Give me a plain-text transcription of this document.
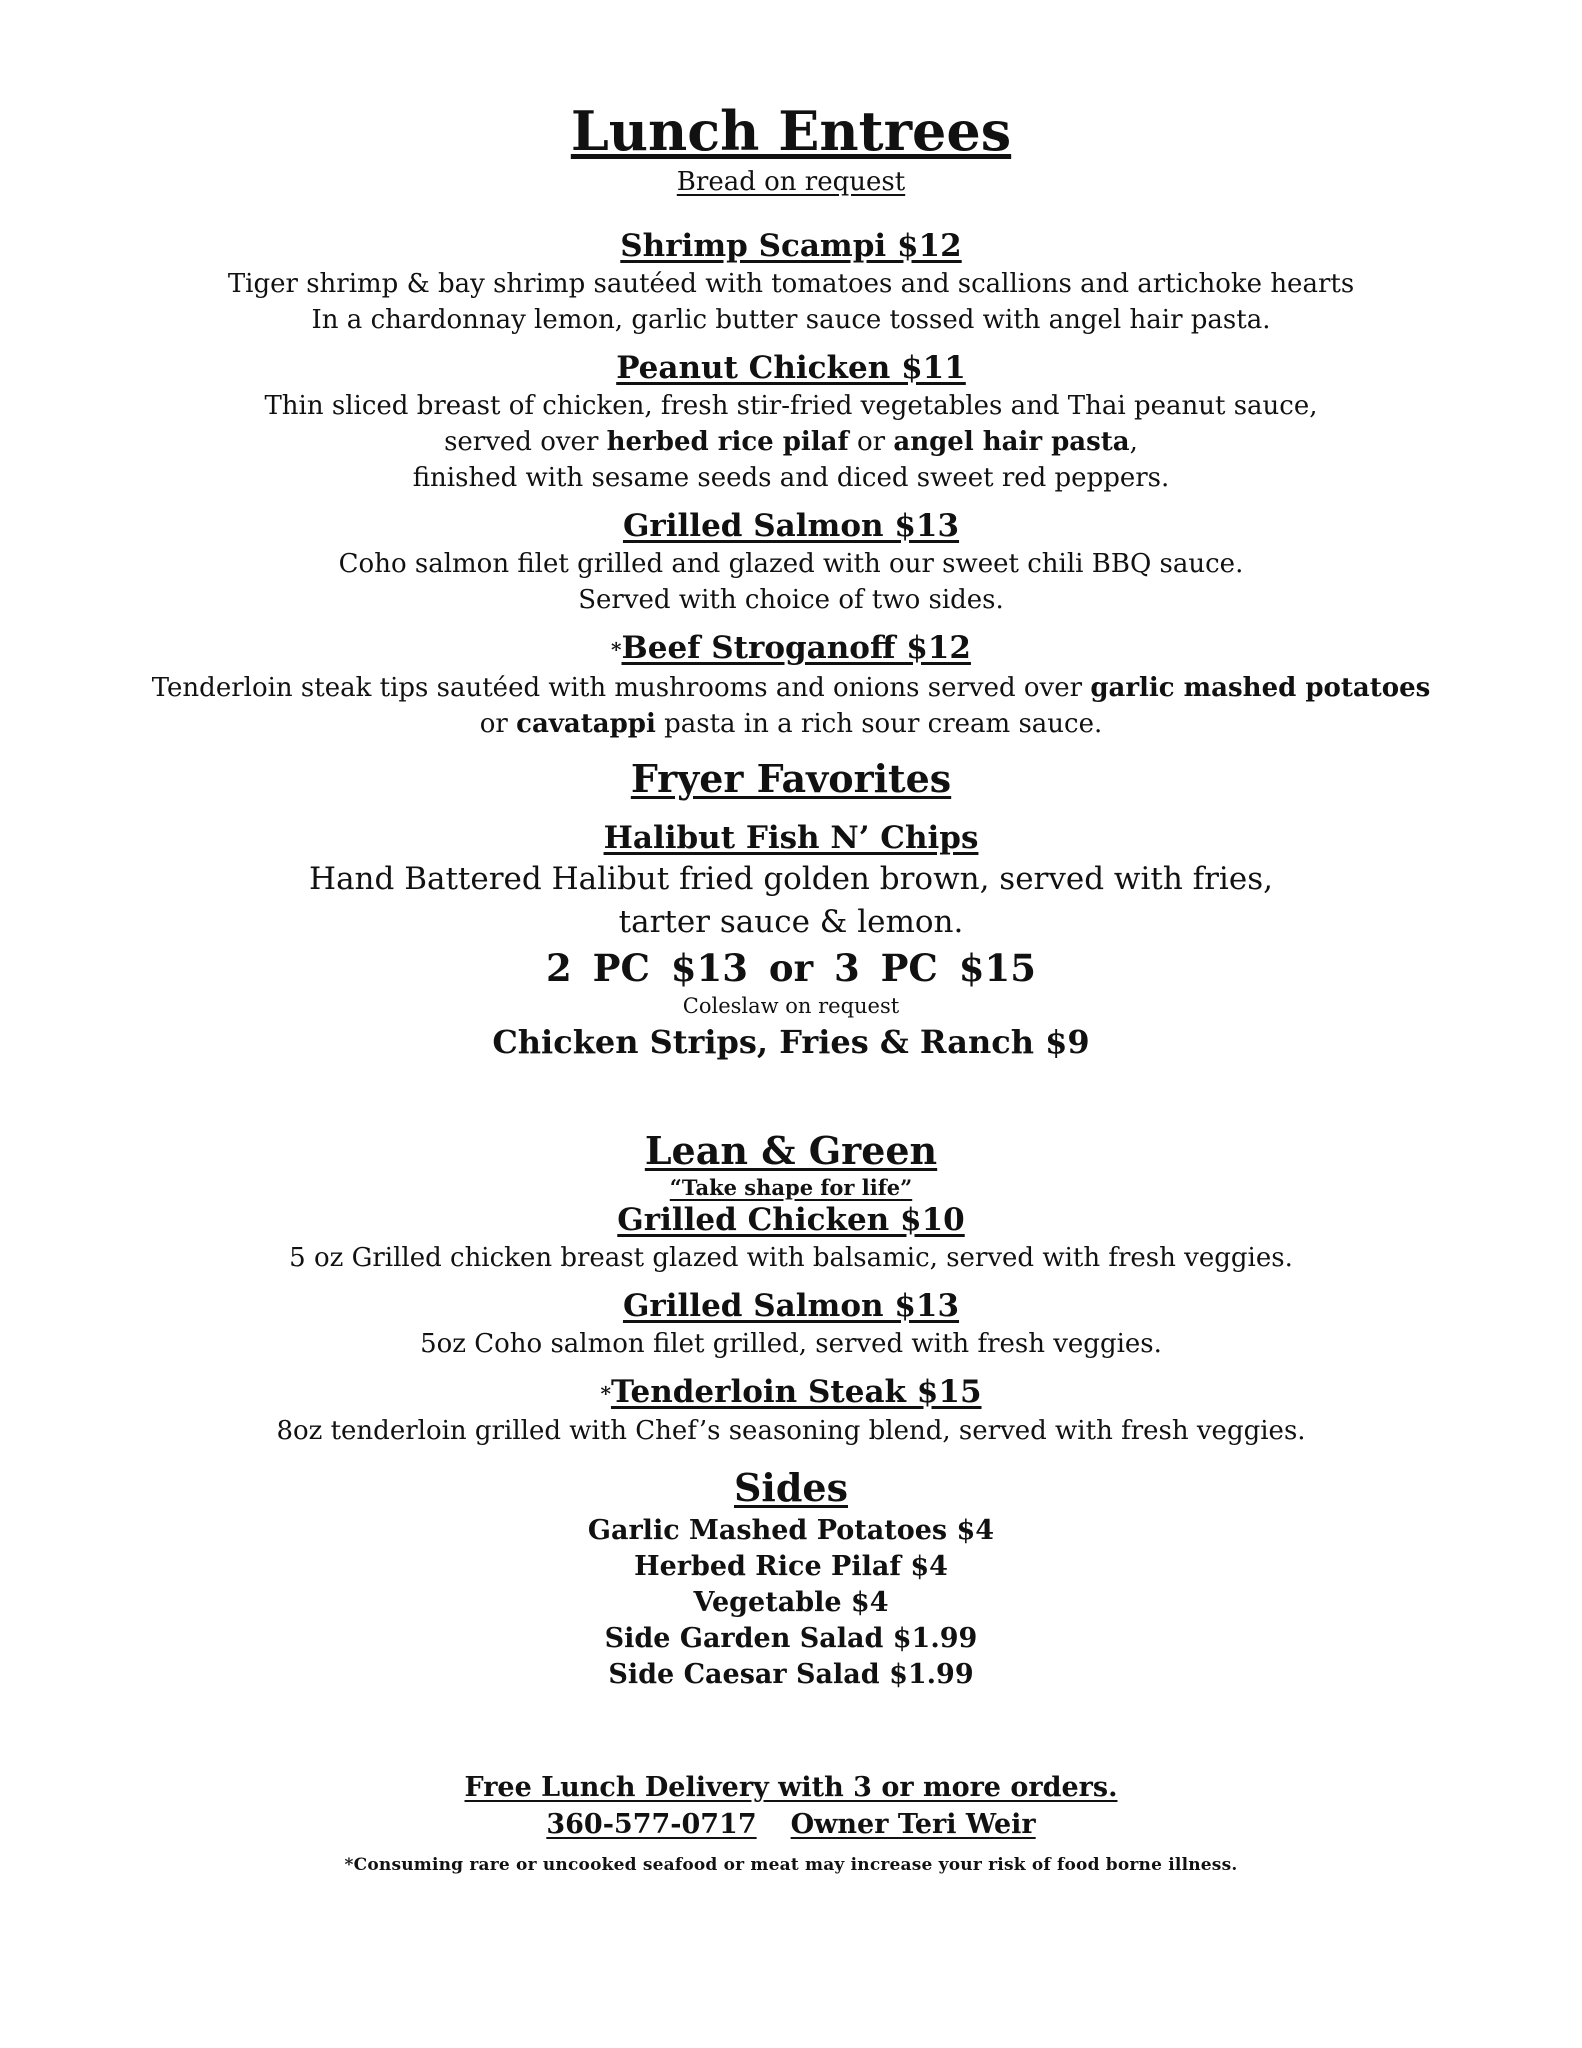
Lunch Entrees

Bread on request

Shrimp Scampi $12

Tiger shrimp & bay shrimp sautéed with tomatoes and scallions and artichoke hearts

In a chardonnay lemon, garlic butter sauce tossed with angel hair pasta.

Peanut Chicken $11

Thin sliced breast of chicken, fresh stir-fried vegetables and Thai peanut sauce,

served over herbed rice pilaf or angel hair pasta,

finished with sesame seeds and diced sweet red peppers.

Grilled Salmon $13

Coho salmon filet grilled and glazed with our sweet chili BBQ sauce.

Served with choice of two sides.

*Beef Stroganoff $12

Tenderloin steak tips sautéed with mushrooms and onions served over garlic mashed potatoes

or cavatappi pasta in a rich sour cream sauce.

Fryer Favorites

Halibut Fish N’ Chips

Hand Battered Halibut fried golden brown, served with fries,

tarter sauce & lemon.

2 PC $13 or 3 PC $15

Coleslaw on request

Chicken Strips, Fries & Ranch $9

Lean & Green

“Take shape for life”

Grilled Chicken $10

5 oz Grilled chicken breast glazed with balsamic, served with fresh veggies.

Grilled Salmon $13

5oz Coho salmon filet grilled, served with fresh veggies.

*Tenderloin Steak $15

8oz tenderloin grilled with Chef’s seasoning blend, served with fresh veggies.

Sides

Garlic Mashed Potatoes $4

Herbed Rice Pilaf $4

Vegetable $4

Side Garden Salad $1.99

Side Caesar Salad $1.99

Free Lunch Delivery with 3 or more orders.

360-577-0717 Owner Teri Weir

*Consuming rare or uncooked seafood or meat may increase your risk of food borne illness.
